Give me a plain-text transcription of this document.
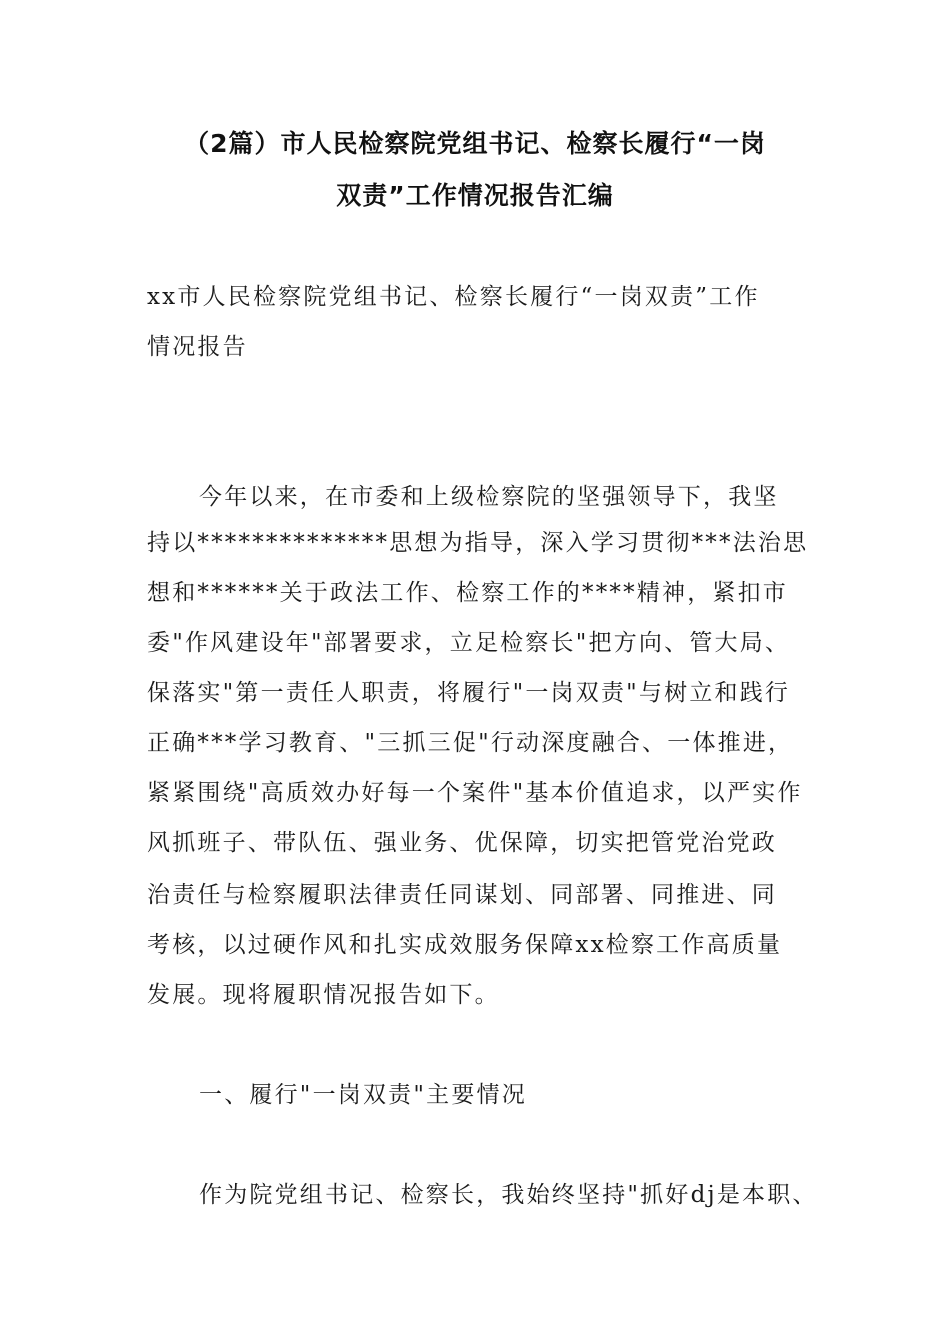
（2篇）市人民检察院党组书记、检察长履行“一岗
双责”工作情况报告汇编
xx市人民检察院党组书记、检察长履行“一岗双责”工作
情况报告
今年以来，在市委和上级检察院的坚强领导下，我坚
持以**************思想为指导，深入学习贯彻***法治思
想和******关于政法工作、检察工作的****精神，紧扣市
委"作风建设年"部署要求，立足检察长"把方向、管大局、
保落实"第一责任人职责，将履行"一岗双责"与树立和践行
正确***学习教育、"三抓三促"行动深度融合、一体推进，
紧紧围绕"高质效办好每一个案件"基本价值追求，以严实作
风抓班子、带队伍、强业务、优保障，切实把管党治党政
治责任与检察履职法律责任同谋划、同部署、同推进、同
考核，以过硬作风和扎实成效服务保障xx检察工作高质量
发展。现将履职情况报告如下。
一、履行"一岗双责"主要情况
作为院党组书记、检察长，我始终坚持"抓好dj是本职、
